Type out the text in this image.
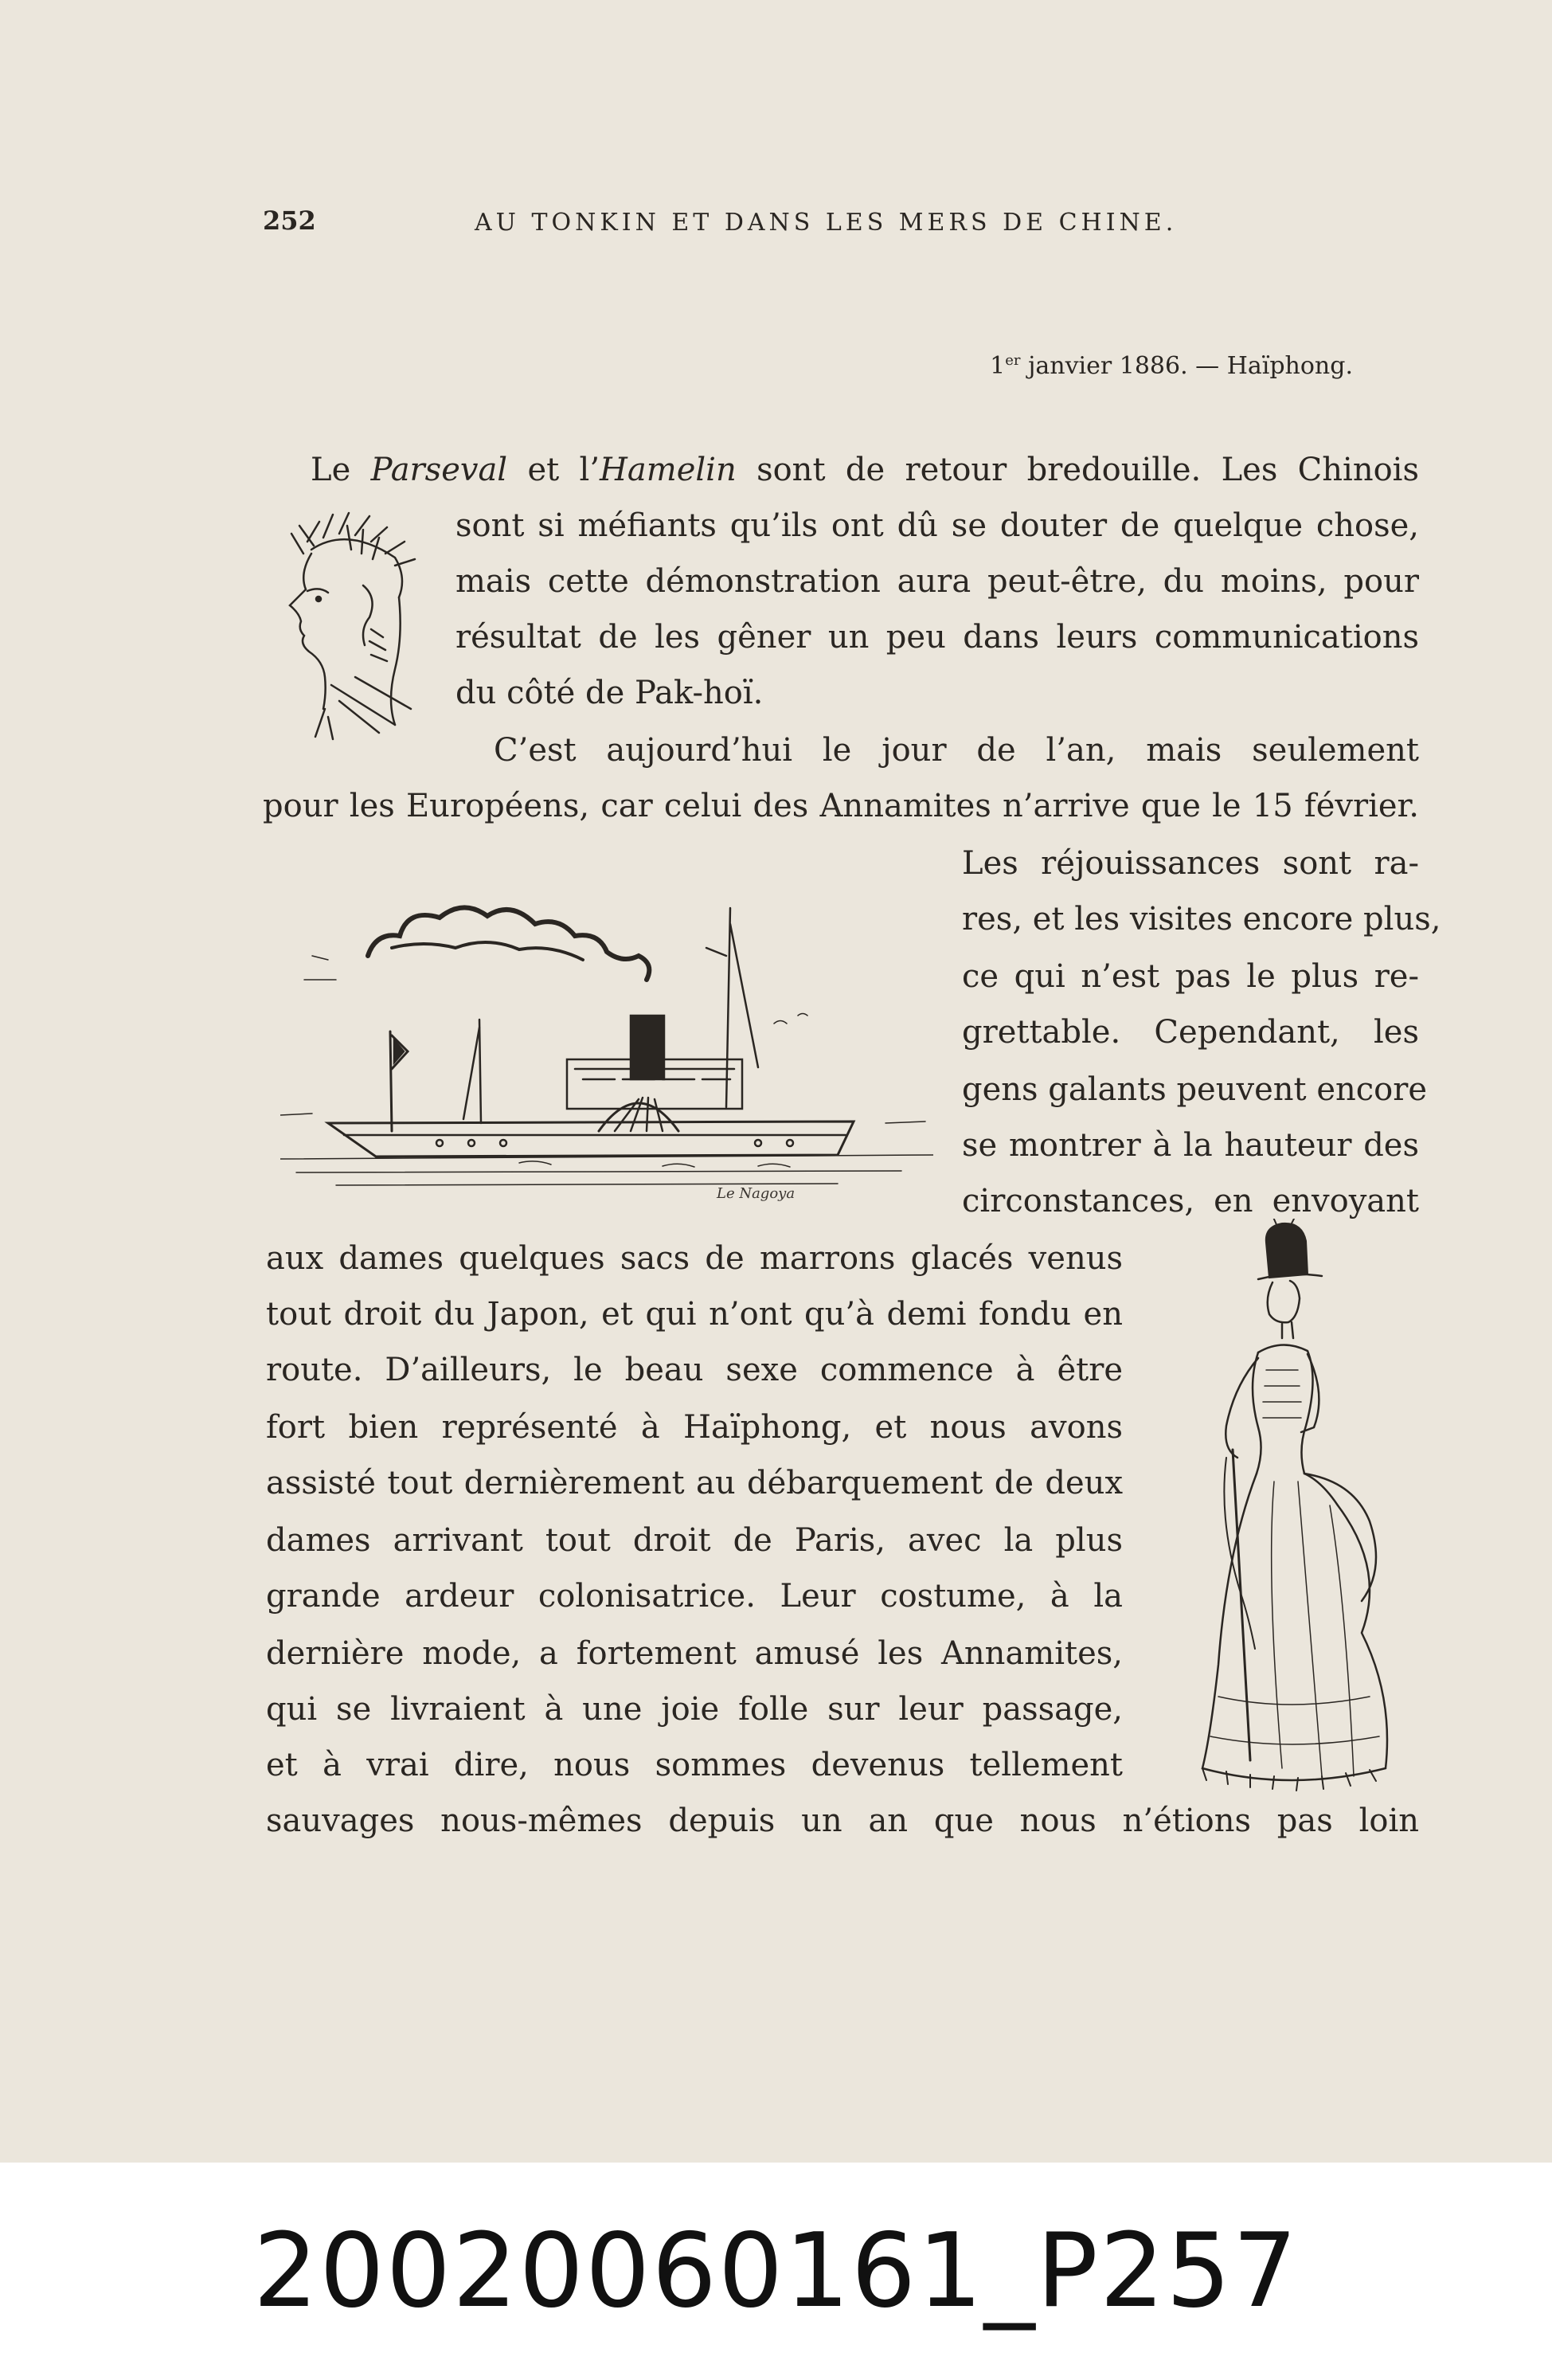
252	AU TONKIN ET DANS LES MERS DE CHINE.
1er janvier 1886. — Haïphong.
Le Parseval et l’Hamelin sont de retour bredouille. Les Chinois
sont si méfiants qu’ils ont dû se douter de quelque chose,
mais cette démonstration aura peut-être, du moins, pour
résultat de les gêner un peu dans leurs communications
du côté de Pak-hoï.
C’est aujourd’hui le jour de l’an, mais seulement
pour les Européens, car celui des Annamites n’arrive que le 15 février.
Les réjouissances sont ra-
res, et les visites encore plus,
ce qui n’est pas le plus re-
grettable. Cependant, les
gens galants peuvent encore
se montrer à la hauteur des
circonstances, en envoyant
aux dames quelques sacs de marrons glacés venus
tout droit du Japon, et qui n’ont qu’à demi fondu en
route. D’ailleurs, le beau sexe commence à être
fort bien représenté à Haïphong, et nous avons
assisté tout dernièrement au débarquement de deux
dames arrivant tout droit de Paris, avec la plus
grande ardeur colonisatrice. Leur costume, à la
dernière mode, a fortement amusé les Annamites,
qui se livraient à une joie folle sur leur passage,
et à vrai dire, nous sommes devenus tellement
sauvages nous-mêmes depuis un an que nous n’étions pas loin
Le Nagoya
20020060161_P257
